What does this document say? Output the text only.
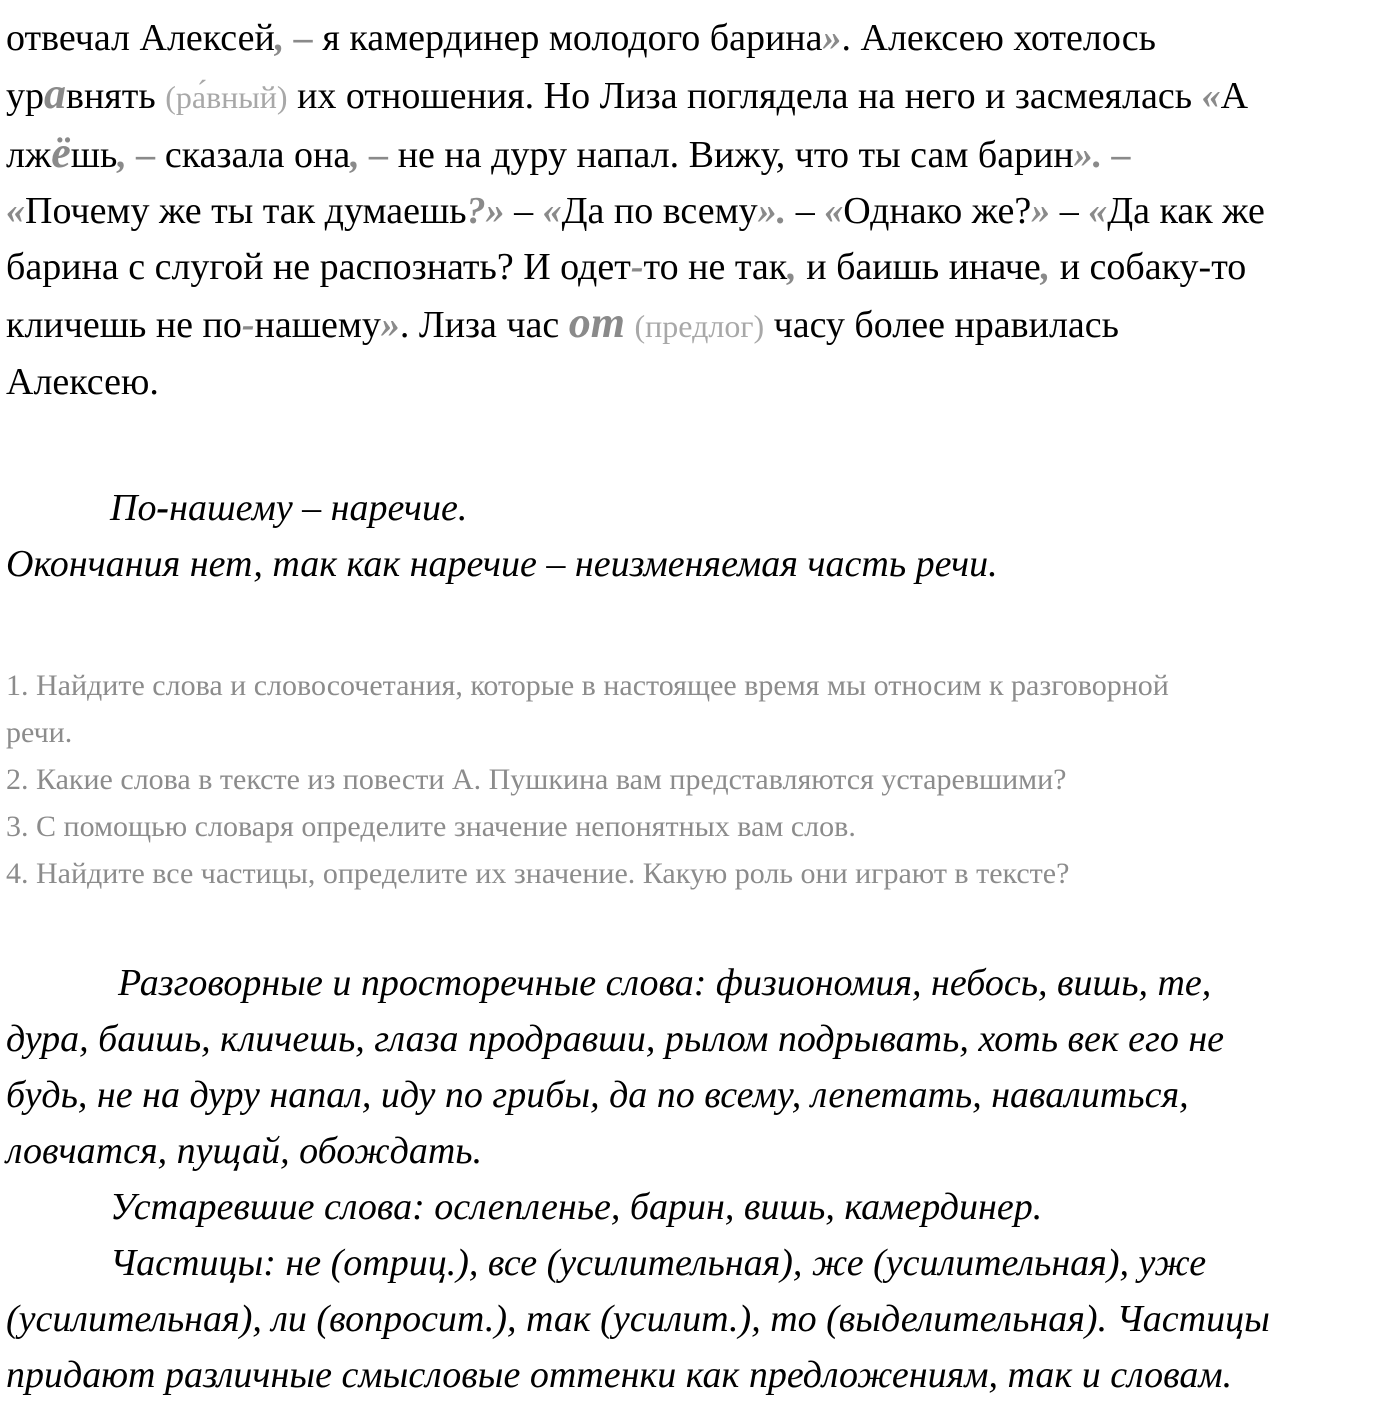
отвечал Алексей, – я камердинер молодого барина». Алексею хотелось
уравнять (ра́вный) их отношения. Но Лиза поглядела на него и засмеялась «А
лжёшь, – сказала она, – не на дуру напал. Вижу, что ты сам барин». –
«Почему же ты так думаешь?» – «Да по всему». – «Однако же?» – «Да как же
барина с слугой не распознать? И одет-то не так, и баишь иначе, и собаку-то
кличешь не по-нашему». Лиза час от (предлог) часу более нравилась
Алексею.
По-нашему – наречие.
Окончания нет, так как наречие – неизменяемая часть речи.
1. Найдите слова и словосочетания, которые в настоящее время мы относим к разговорной
речи.
2. Какие слова в тексте из повести А. Пушкина вам представляются устаревшими?
3. С помощью словаря определите значение непонятных вам слов.
4. Найдите все частицы, определите их значение. Какую роль они играют в тексте?
Разговорные и просторечные слова: физиономия, небось, вишь, те,
дура, баишь, кличешь, глаза продравши, рылом подрывать, хоть век его не
будь, не на дуру напал, иду по грибы, да по всему, лепетать, навалиться,
ловчатся, пущай, обождать.
Устаревшие слова: ослепленье, барин, вишь, камердинер.
Частицы: не (отриц.), все (усилительная), же (усилительная), уже
(усилительная), ли (вопросит.), так (усилит.), то (выделительная). Частицы
придают различные смысловые оттенки как предложениям, так и словам.
